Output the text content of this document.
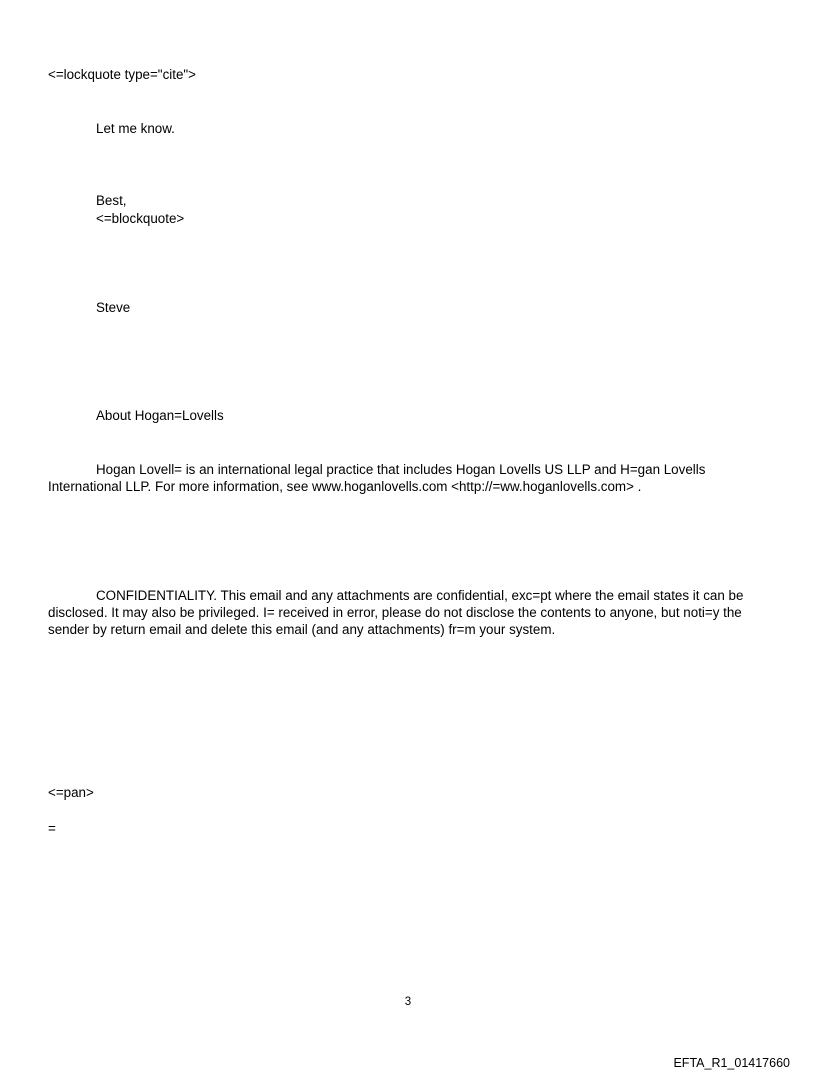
<=lockquote type="cite">
Let me know.
Best,
<=blockquote>
Steve
About Hogan=Lovells
Hogan Lovell= is an international legal practice that includes Hogan Lovells US LLP and H=gan Lovells International LLP. For more information, see www.hoganlovells.com <http://=ww.hoganlovells.com> .
CONFIDENTIALITY. This email and any attachments are confidential, exc=pt where the email states it can be disclosed. It may also be privileged. I= received in error, please do not disclose the contents to anyone, but noti=y the sender by return email and delete this email (and any attachments) fr=m your system.
<=pan>
=
3
EFTA_R1_01417660
